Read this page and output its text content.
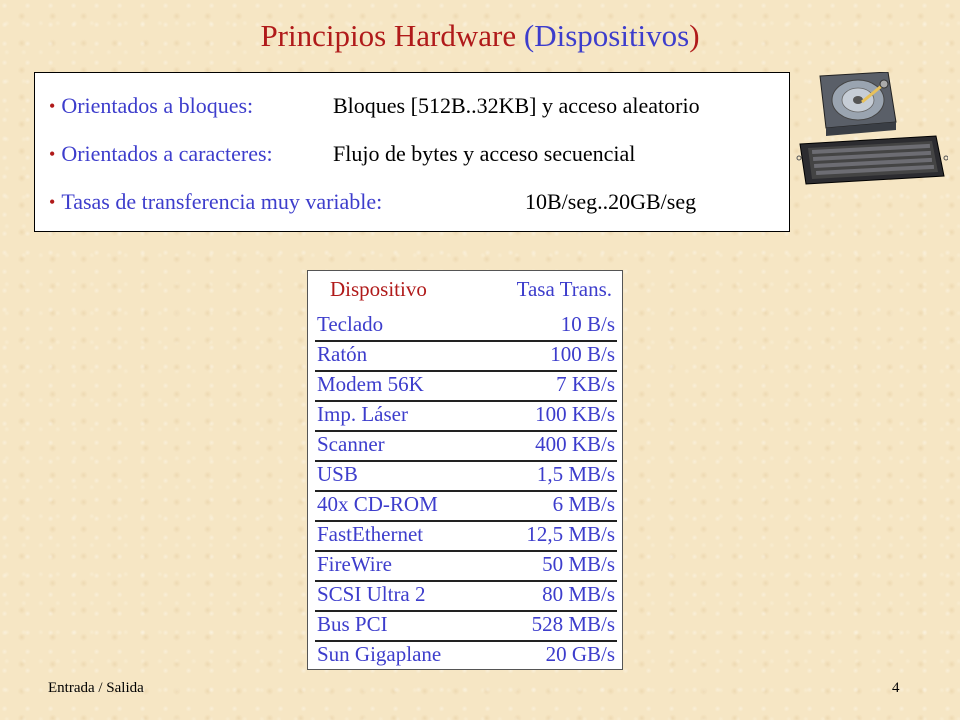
Principios Hardware (Dispositivos)
• Orientados a bloques:	Bloques [512B..32KB] y acceso aleatorio
• Orientados a caracteres:	Flujo de bytes y acceso secuencial
• Tasas de transferencia muy variable:	10B/seg..20GB/seg
Dispositivo	Tasa Trans.
Teclado	10 B/s
Ratón	100 B/s
Modem 56K	7 KB/s
Imp. Láser	100 KB/s
Scanner	400 KB/s
USB	1,5 MB/s
40x CD-ROM	6 MB/s
FastEthernet	12,5 MB/s
FireWire	50 MB/s
SCSI Ultra 2	80 MB/s
Bus PCI	528 MB/s
Sun Gigaplane	20 GB/s
Entrada / Salida	4
